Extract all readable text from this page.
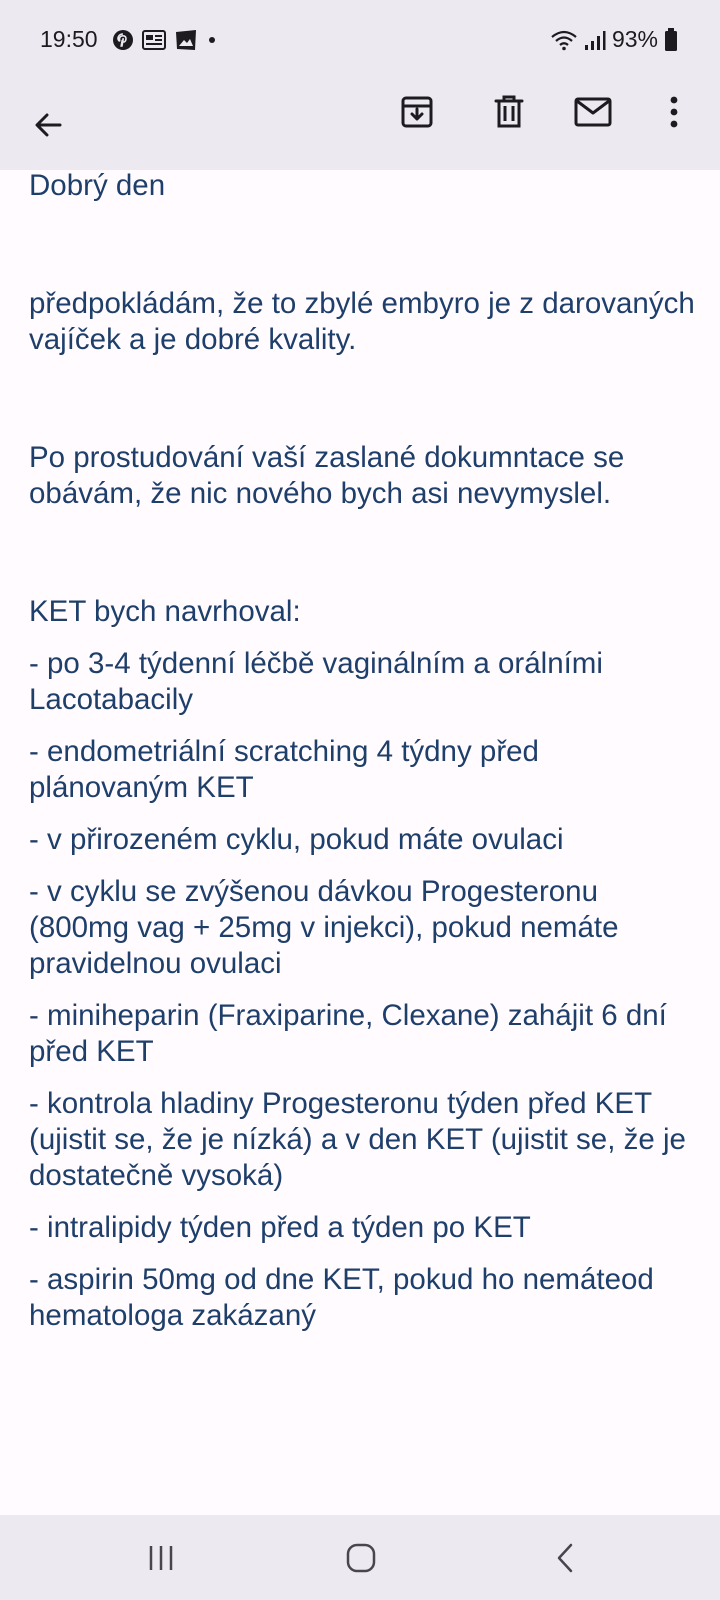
19:50	93%

Dobrý den

předpokládám, že to zbylé embyro je z darovaných vajíček a je dobré kvality.

Po prostudování vaší zaslané dokumntace se obávám, že nic nového bych asi nevymyslel.

KET bych navrhoval:

- po 3-4 týdenní léčbě vaginálním a orálními Lacotabacily

- endometriální scratching 4 týdny před plánovaným KET

- v přirozeném cyklu, pokud máte ovulaci

- v cyklu se zvýšenou dávkou Progesteronu (800mg vag + 25mg v injekci), pokud nemáte pravidelnou ovulaci

- miniheparin (Fraxiparine, Clexane) zahájit 6 dní před KET

- kontrola hladiny Progesteronu týden před KET (ujistit se, že je nízká) a v den KET (ujistit se, že je dostatečně vysoká)

- intralipidy týden před a týden po KET

- aspirin 50mg od dne KET, pokud ho nemáteod hematologa zakázaný
